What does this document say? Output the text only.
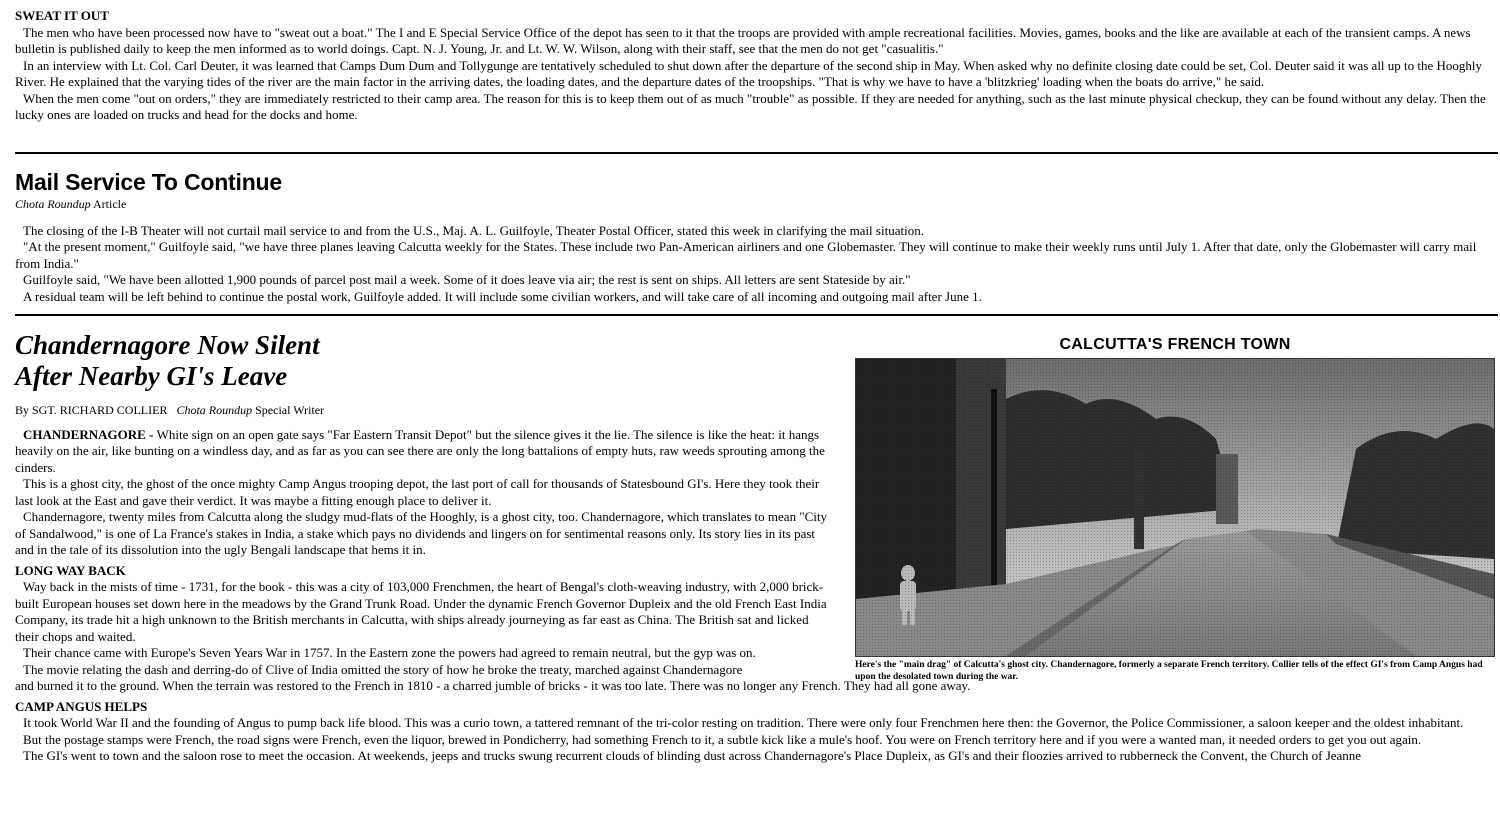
SWEAT IT OUT

The men who have been processed now have to "sweat out a boat." The I and E Special Service Office of the depot has seen to it that the troops are provided with ample recreational facilities. Movies, games, books and the like are available at each of the transient camps. A news bulletin is published daily to keep the men informed as to world doings. Capt. N. J. Young, Jr. and Lt. W. W. Wilson, along with their staff, see that the men do not get "casualitis."

In an interview with Lt. Col. Carl Deuter, it was learned that Camps Dum Dum and Tollygunge are tentatively scheduled to shut down after the departure of the second ship in May. When asked why no definite closing date could be set, Col. Deuter said it was all up to the Hooghly River. He explained that the varying tides of the river are the main factor in the arriving dates, the loading dates, and the departure dates of the troopships. "That is why we have to have a 'blitzkrieg' loading when the boats do arrive," he said.

When the men come "out on orders," they are immediately restricted to their camp area. The reason for this is to keep them out of as much "trouble" as possible. If they are needed for anything, such as the last minute physical checkup, they can be found without any delay. Then the lucky ones are loaded on trucks and head for the docks and home.

Mail Service To Continue
Chota Roundup Article

The closing of the I-B Theater will not curtail mail service to and from the U.S., Maj. A. L. Guilfoyle, Theater Postal Officer, stated this week in clarifying the mail situation.

"At the present moment," Guilfoyle said, "we have three planes leaving Calcutta weekly for the States. These include two Pan-American airliners and one Globemaster. They will continue to make their weekly runs until July 1. After that date, only the Globemaster will carry mail from India."

Guilfoyle said, "We have been allotted 1,900 pounds of parcel post mail a week. Some of it does leave via air; the rest is sent on ships. All letters are sent Stateside by air."

A residual team will be left behind to continue the postal work, Guilfoyle added. It will include some civilian workers, and will take care of all incoming and outgoing mail after June 1.

Chandernagore Now Silent
After Nearby GI's Leave
By SGT. RICHARD COLLIER   Chota Roundup Special Writer

CHANDERNAGORE - White sign on an open gate says "Far Eastern Transit Depot" but the silence gives it the lie. The silence is like the heat: it hangs heavily on the air, like bunting on a windless day, and as far as you can see there are only the long battalions of empty huts, raw weeds sprouting among the cinders.

This is a ghost city, the ghost of the once mighty Camp Angus trooping depot, the last port of call for thousands of Statesbound GI's. Here they took their last look at the East and gave their verdict. It was maybe a fitting enough place to deliver it.

Chandernagore, twenty miles from Calcutta along the sludgy mud-flats of the Hooghly, is a ghost city, too. Chandernagore, which translates to mean "City of Sandalwood," is one of La France's stakes in India, a stake which pays no dividends and lingers on for sentimental reasons only. Its story lies in its past and in the tale of its dissolution into the ugly Bengali landscape that hems it in.

LONG WAY BACK

Way back in the mists of time - 1731, for the book - this was a city of 103,000 Frenchmen, the heart of Bengal's cloth-weaving industry, with 2,000 brick-built European houses set down here in the meadows by the Grand Trunk Road. Under the dynamic French Governor Dupleix and the old French East India Company, its trade hit a high unknown to the British merchants in Calcutta, with ships already journeying as far east as China. The British sat and licked their chops and waited.

Their chance came with Europe's Seven Years War in 1757. In the Eastern zone the powers had agreed to remain neutral, but the gyp was on.

The movie relating the dash and derring-do of Clive of India omitted the story of how he broke the treaty, marched against Chandernagore

and burned it to the ground. When the terrain was restored to the French in 1810 - a charred jumble of bricks - it was too late. There was no longer any French. They had all gone away.

CAMP ANGUS HELPS

It took World War II and the founding of Angus to pump back life blood. This was a curio town, a tattered remnant of the tri-color resting on tradition. There were only four Frenchmen here then: the Governor, the Police Commissioner, a saloon keeper and the oldest inhabitant.

But the postage stamps were French, the road signs were French, even the liquor, brewed in Pondicherry, had something French to it, a subtle kick like a mule's hoof. You were on French territory here and if you were a wanted man, it needed orders to get you out again.

The GI's went to town and the saloon rose to meet the occasion. At weekends, jeeps and trucks swung recurrent clouds of blinding dust across Chandernagore's Place Dupleix, as GI's and their floozies arrived to rubberneck the Convent, the Church of Jeanne

CALCUTTA'S FRENCH TOWN
Here's the "main drag" of Calcutta's ghost city. Chandernagore, formerly a separate French territory. Collier tells of the effect GI's from Camp Angus had upon the desolated town during the war.
